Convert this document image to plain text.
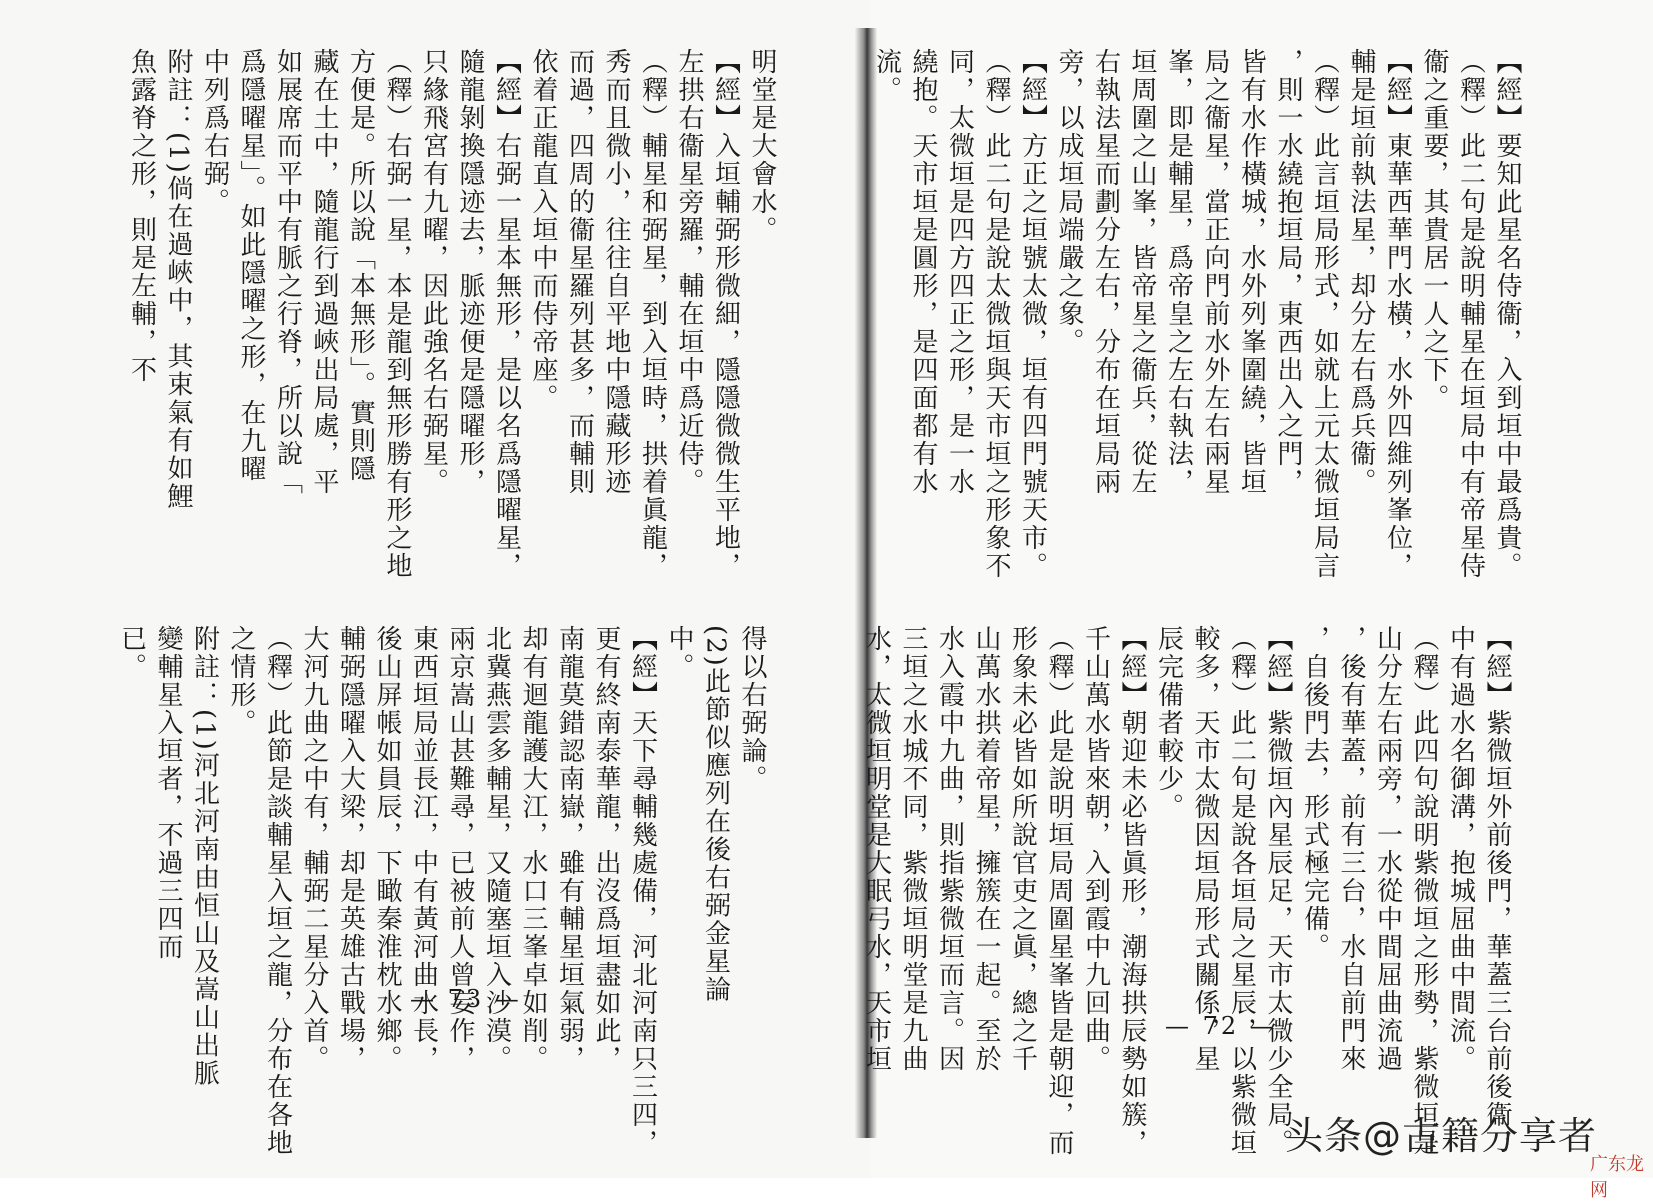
【經】要知此星名侍衞，入到垣中最爲貴。
（釋）此二句是說明輔星在垣局中有帝星侍
衞之重要，其貴居一人之下。
【經】東華西華門水橫，水外四維列峯位，
輔是垣前執法星，却分左右爲兵衞。
（釋）此言垣局形式，如就上元太微垣局言
，則一水繞抱垣局，東西出入之門，
皆有水作橫城，水外列峯圍繞，皆垣
局之衞星，當正向門前水外左右兩星
峯，即是輔星，爲帝皇之左右執法，
垣周圍之山峯，皆帝星之衞兵，從左
右執法星而劃分左右，分布在垣局兩
旁，以成垣局端嚴之象。
【經】方正之垣號太微，垣有四門號天市。
（釋）此二句是說太微垣與天市垣之形象不
同，太微垣是四方四正之形，是一水
繞抱。天市垣是圓形，是四面都有水
流。
【經】紫微垣外前後門，華蓋三台前後衞，
中有過水名御溝，抱城屈曲中間流。
（釋）此四句說明紫微垣之形勢，紫微垣是
山分左右兩旁，一水從中間屈曲流過
，後有華蓋，前有三台，水自前門來
，自後門去，形式極完備。
【經】紫微垣內星辰足，天市太微少全局。
（釋）此二句是說各垣局之星辰，以紫微垣
較多，天市太微因垣局形式關係，星
辰完備者較少。
【經】朝迎未必皆眞形，潮海拱辰勢如簇，
千山萬水皆來朝，入到霞中九回曲。
（釋）此是說明垣局周圍星峯皆是朝迎，而
形象未必皆如所說官吏之眞，總之千
山萬水拱着帝星，擁簇在一起。至於
水入霞中九曲，則指紫微垣而言。因
三垣之水城不同，紫微垣明堂是九曲
水，太微垣明堂是大眠弓水，天市垣
明堂是大會水。
【經】入垣輔弼形微細，隱隱微微生平地，
左拱右衞星旁羅，輔在垣中爲近侍。
（釋）輔星和弼星，到入垣時，拱着眞龍，
秀而且微小，往往自平地中隱藏形迹
而過，四周的衞星羅列甚多，而輔則
依着正龍直入垣中而侍帝座。
【經】右弼一星本無形，是以名爲隱曜星，
隨龍剝換隱迹去，脈迹便是隱曜形，
只緣飛宮有九曜，因此強名右弼星。
（釋）右弼一星，本是龍到無形勝有形之地
方便是。所以說「本無形」。實則隱
藏在土中，隨龍行到過峽出局處，平
如展席而平中有脈之行脊，所以說「
爲隱曜星」。如此隱曜之形，在九曜
中列爲右弼。
附註：(1)倘在過峽中，其束氣有如鯉
魚露脊之形，則是左輔，不
得以右弼論。
(2)此節似應列在後右弼金星論
中。
【經】天下尋輔幾處備，河北河南只三四，
更有終南泰華龍，出沒爲垣盡如此，
南龍莫錯認南嶽，雖有輔星垣氣弱，
却有迴龍護大江，水口三峯卓如削。
北冀燕雲多輔星，又隨塞垣入沙漠。
兩京嵩山甚難尋，已被前人曾妄作，
東西垣局並長江，中有黃河曲水長，
後山屏帳如員辰，下瞰秦淮枕水鄉。
輔弼隱曜入大梁，却是英雄古戰場，
大河九曲之中有，輔弼二星分入首。
（釋）此節是談輔星入垣之龍，分布在各地
之情形。
附註：(1)河北河南由恒山及嵩山出脈
變輔星入垣者，不過三四而
已。
— 72 —
— 73 —
头条@古籍分享者
广东龙网
